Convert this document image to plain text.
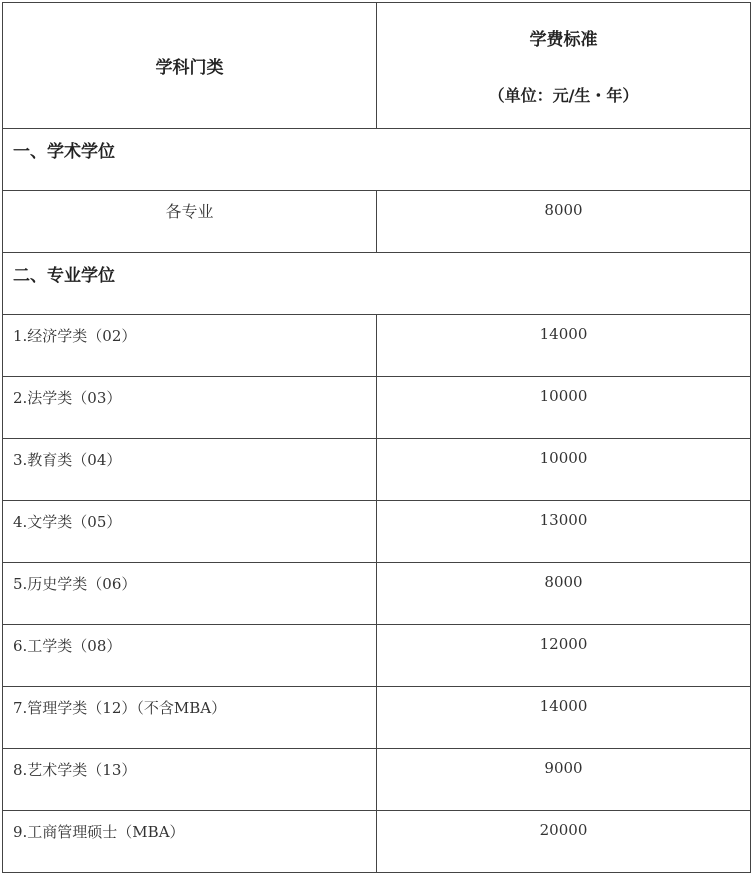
学科门类	学费标准
（单位：元/生・年）

一、学术学位	
各专业	8000
二、专业学位	
1.经济学类（02）	14000
2.法学类（03）	10000
3.教育类（04）	10000
4.文学类（05）	13000
5.历史学类（06）	8000
6.工学类（08）	12000
7.管理学类（12）（不含MBA）	14000
8.艺术学类（13）	9000
9.工商管理硕士（MBA）	20000
